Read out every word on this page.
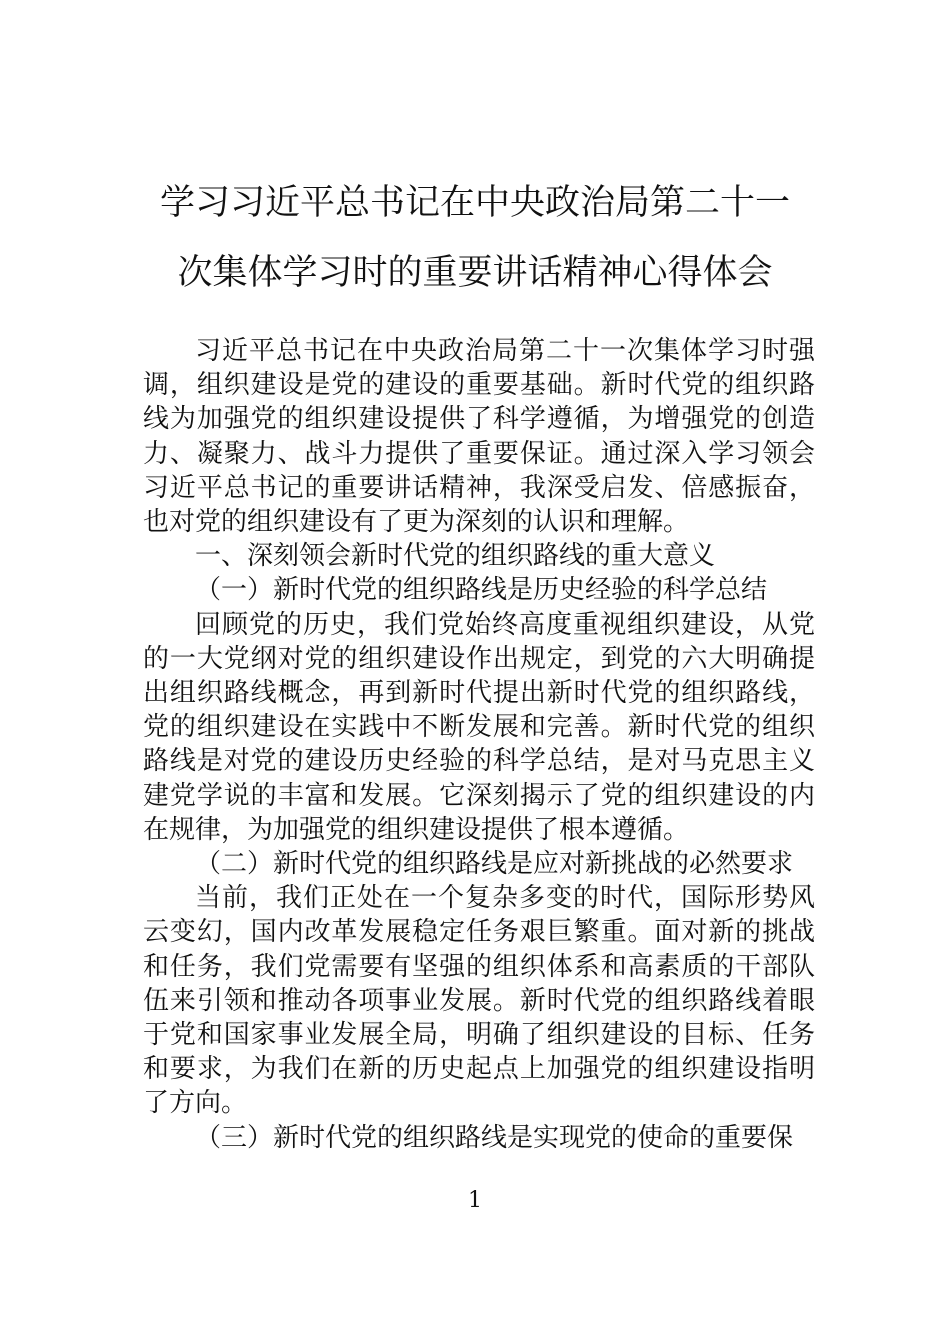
学习习近平总书记在中央政治局第二十一
次集体学习时的重要讲话精神心得体会

习近平总书记在中央政治局第二十一次集体学习时强调，组织建设是党的建设的重要基础。新时代党的组织路线为加强党的组织建设提供了科学遵循，为增强党的创造力、凝聚力、战斗力提供了重要保证。通过深入学习领会习近平总书记的重要讲话精神，我深受启发、倍感振奋，也对党的组织建设有了更为深刻的认识和理解。

一、深刻领会新时代党的组织路线的重大意义

（一）新时代党的组织路线是历史经验的科学总结

回顾党的历史，我们党始终高度重视组织建设，从党的一大党纲对党的组织建设作出规定，到党的六大明确提出组织路线概念，再到新时代提出新时代党的组织路线，党的组织建设在实践中不断发展和完善。新时代党的组织路线是对党的建设历史经验的科学总结，是对马克思主义建党学说的丰富和发展。它深刻揭示了党的组织建设的内在规律，为加强党的组织建设提供了根本遵循。

（二）新时代党的组织路线是应对新挑战的必然要求

当前，我们正处在一个复杂多变的时代，国际形势风云变幻，国内改革发展稳定任务艰巨繁重。面对新的挑战和任务，我们党需要有坚强的组织体系和高素质的干部队伍来引领和推动各项事业发展。新时代党的组织路线着眼于党和国家事业发展全局，明确了组织建设的目标、任务和要求，为我们在新的历史起点上加强党的组织建设指明了方向。

（三）新时代党的组织路线是实现党的使命的重要保

1
